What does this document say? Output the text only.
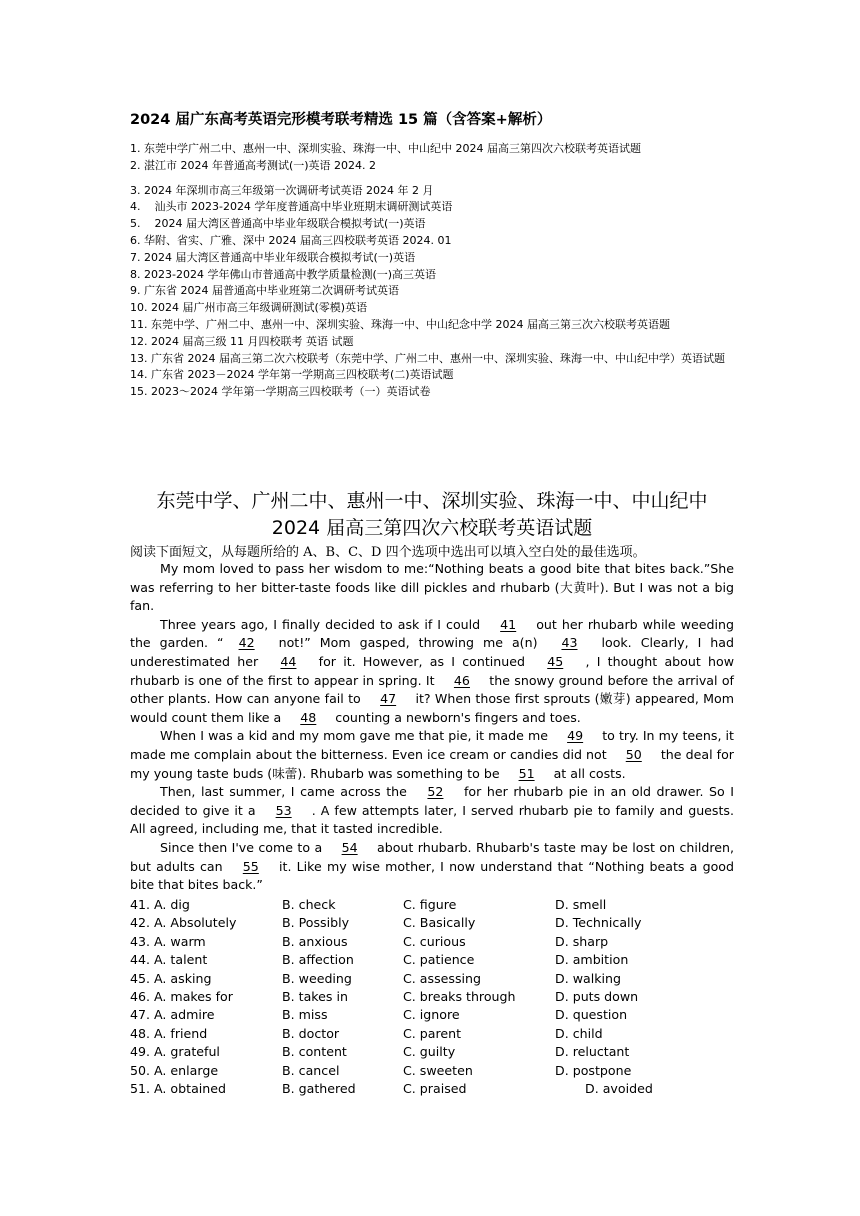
2024 届广东高考英语完形模考联考精选 15 篇（含答案+解析）
1. 东莞中学广州二中、惠州一中、深圳实验、珠海一中、中山纪中 2024 届高三第四次六校联考英语试题
2. 湛江市 2024 年普通高考测试(一)英语 2024. 2
3. 2024 年深圳市高三年级第一次调研考试英语 2024 年 2 月
4.    汕头市 2023-2024 学年度普通高中毕业班期末调研测试英语
5.    2024 届大湾区普通高中毕业年级联合模拟考试(一)英语
6. 华附、省实、广雅、深中 2024 届高三四校联考英语 2024. 01
7. 2024 届大湾区普通高中毕业年级联合模拟考试(一)英语
8. 2023-2024 学年佛山市普通高中教学质量检测(一)高三英语
9. 广东省 2024 届普通高中毕业班第二次调研考试英语
10. 2024 届广州市高三年级调研测试(零模)英语
11. 东莞中学、广州二中、惠州一中、深圳实验、珠海一中、中山纪念中学 2024 届高三第三次六校联考英语题
12. 2024 届高三级 11 月四校联考 英语 试题
13. 广东省 2024 届高三第二次六校联考（东莞中学、广州二中、惠州一中、深圳实验、珠海一中、中山纪中学）英语试题
14. 广东省 2023－2024 学年第一学期高三四校联考(二)英语试题
15. 2023～2024 学年第一学期高三四校联考（一）英语试卷
东莞中学、广州二中、惠州一中、深圳实验、珠海一中、中山纪中 2024 届高三第四次六校联考英语试题
阅读下面短文，从每题所给的 A、B、C、D 四个选项中选出可以填入空白处的最佳选项。

My mom loved to pass her wisdom to me:“Nothing beats a good bite that bites back.”She was referring to her bitter-taste foods like dill pickles and rhubarb (大黄叶). But I was not a big fan.

Three years ago, I finally decided to ask if I could 41 out her rhubarb while weeding the garden. “ 42 not!” Mom gasped, throwing me a(n) 43 look. Clearly, I had underestimated her 44 for it. However, as I continued 45 , I thought about how rhubarb is one of the first to appear in spring. It 46 the snowy ground before the arrival of other plants. How can anyone fail to 47 it? When those first sprouts (嫩芽) appeared, Mom would count them like a 48 counting a newborn's fingers and toes.

When I was a kid and my mom gave me that pie, it made me 49 to try. In my teens, it made me complain about the bitterness. Even ice cream or candies did not 50 the deal for my young taste buds (味蕾). Rhubarb was something to be 51 at all costs.

Then, last summer, I came across the 52 for her rhubarb pie in an old drawer. So I decided to give it a 53 . A few attempts later, I served rhubarb pie to family and guests. All agreed, including me, that it tasted incredible.

Since then I've come to a 54 about rhubarb. Rhubarb's taste may be lost on children, but adults can 55 it. Like my wise mother, I now understand that “Nothing beats a good bite that bites back.”

41. A. dig	B. check	C. figure	D. smell
42. A. Absolutely	B. Possibly	C. Basically	D. Technically
43. A. warm	B. anxious	C. curious	D. sharp
44. A. talent	B. affection	C. patience	D. ambition
45. A. asking	B. weeding	C. assessing	D. walking
46. A. makes for	B. takes in	C. breaks through	D. puts down
47. A. admire	B. miss	C. ignore	D. question
48. A. friend	B. doctor	C. parent	D. child
49. A. grateful	B. content	C. guilty	D. reluctant
50. A. enlarge	B. cancel	C. sweeten	D. postpone
51. A. obtained	B. gathered	C. praised	D. avoided
